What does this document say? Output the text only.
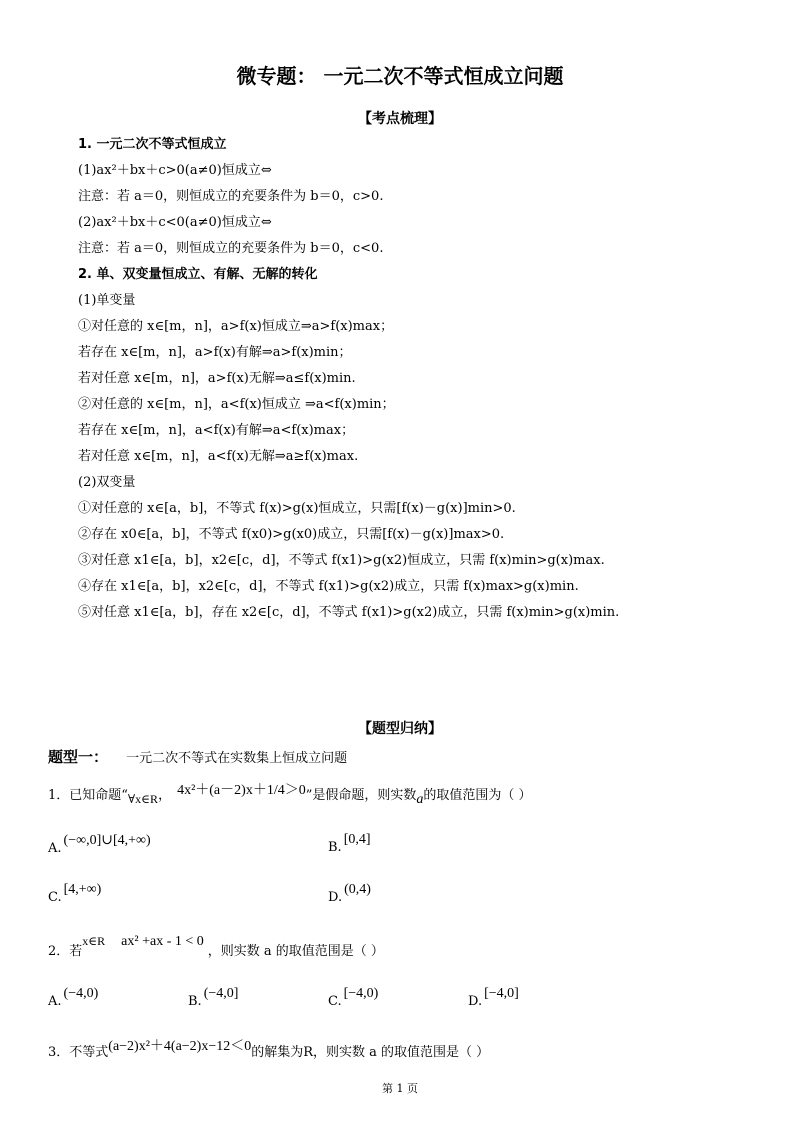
微专题： 一元二次不等式恒成立问题
【考点梳理】
1. 一元二次不等式恒成立
(1)ax²＋bx＋c>0(a≠0)恒成立⇔
注意：若 a＝0，则恒成立的充要条件为 b＝0，c>0.
(2)ax²＋bx＋c<0(a≠0)恒成立⇔
注意：若 a＝0，则恒成立的充要条件为 b＝0，c<0.
2. 单、双变量恒成立、有解、无解的转化
(1)单变量
①对任意的 x∈[m，n]，a>f(x)恒成立⇒a>f(x)max；
若存在 x∈[m，n]，a>f(x)有解⇒a>f(x)min；
若对任意 x∈[m，n]，a>f(x)无解⇒a≤f(x)min.
②对任意的 x∈[m，n]，a<f(x)恒成立 ⇒a<f(x)min；
若存在 x∈[m，n]，a<f(x)有解⇒a<f(x)max；
若对任意 x∈[m，n]，a<f(x)无解⇒a≥f(x)max.
(2)双变量
①对任意的 x∈[a，b]，不等式 f(x)>g(x)恒成立，只需[f(x)－g(x)]min>0.
②存在 x0∈[a，b]，不等式 f(x0)>g(x0)成立，只需[f(x)－g(x)]max>0.
③对任意 x1∈[a，b]，x2∈[c，d]，不等式 f(x1)>g(x2)恒成立，只需 f(x)min>g(x)max.
④存在 x1∈[a，b]，x2∈[c，d]，不等式 f(x1)>g(x2)成立，只需 f(x)max>g(x)min.
⑤对任意 x1∈[a，b]，存在 x2∈[c，d]，不等式 f(x1)>g(x2)成立，只需 f(x)min>g(x)min.
【题型归纳】
题型一： 一元二次不等式在实数集上恒成立问题
1．已知命题“∀x∈R， 4x²＋(a－2)x＋1/4＞0”是假命题，则实数a的取值范围为（ ）
A.(−∞,0]∪[4,+∞)	B.[0,4]
C.[4,+∞)
D.(0,4)
2．若x∈R ax² +ax - 1 < 0，则实数 a 的取值范围是（ ）
A.(−4,0)
B.(−4,0]
C.[−4,0)
D.[−4,0]
3．不等式(a−2)x²＋4(a−2)x−12＜0的解集为R，则实数 a 的取值范围是（ ）
第 1 页
